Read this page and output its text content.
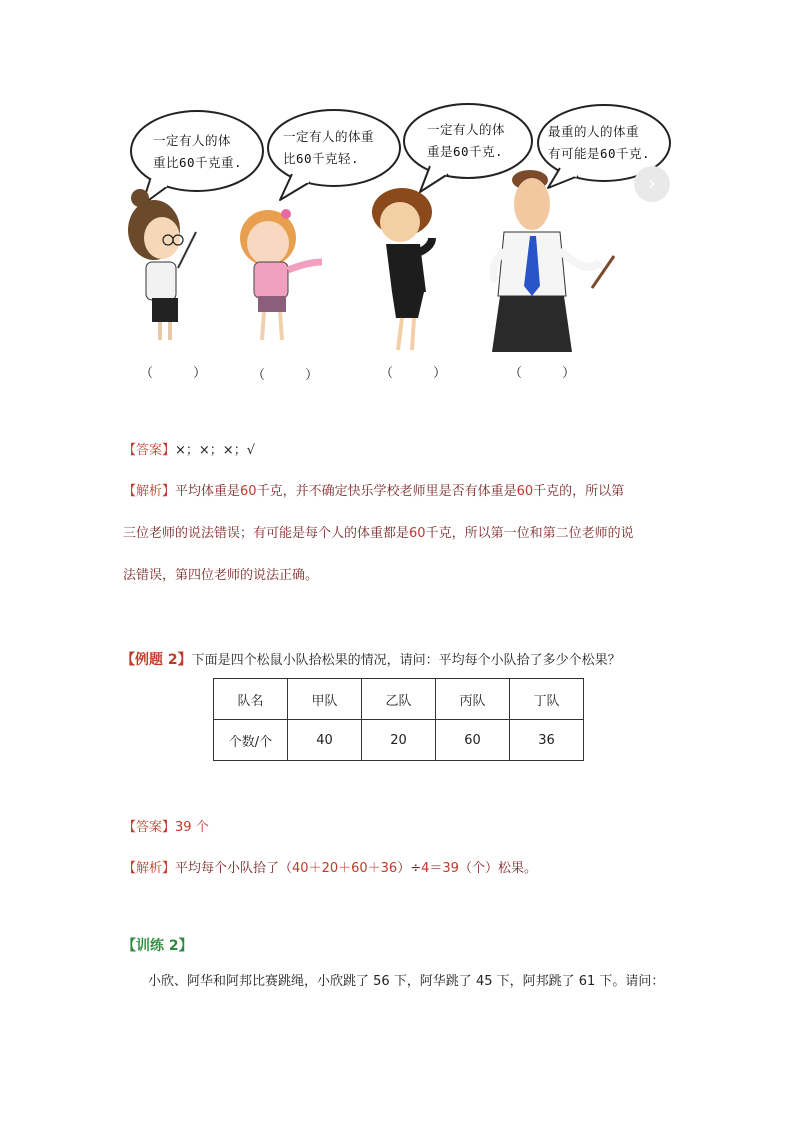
一定有人的体
重比60千克重.
一定有人的体重
比60千克轻.
一定有人的体
重是60千克.
最重的人的体重
有可能是60千克.
›
（ ） （ ）	（ ）	（ ）
【答案】×；×；×；√
【解析】平均体重是60千克，并不确定快乐学校老师里是否有体重是60千克的，所以第
三位老师的说法错误；有可能是每个人的体重都是60千克，所以第一位和第二位老师的说
法错误，第四位老师的说法正确。
【例题 2】下面是四个松鼠小队拾松果的情况，请问：平均每个小队拾了多少个松果？
队名	甲队	乙队	丙队	丁队
个数/个	40	20	60	36
【答案】39 个
【解析】平均每个小队拾了（40＋20＋60＋36）÷4＝39（个）松果。
【训练 2】
小欣、阿华和阿邦比赛跳绳，小欣跳了 56 下，阿华跳了 45 下，阿邦跳了 61 下。请问：
